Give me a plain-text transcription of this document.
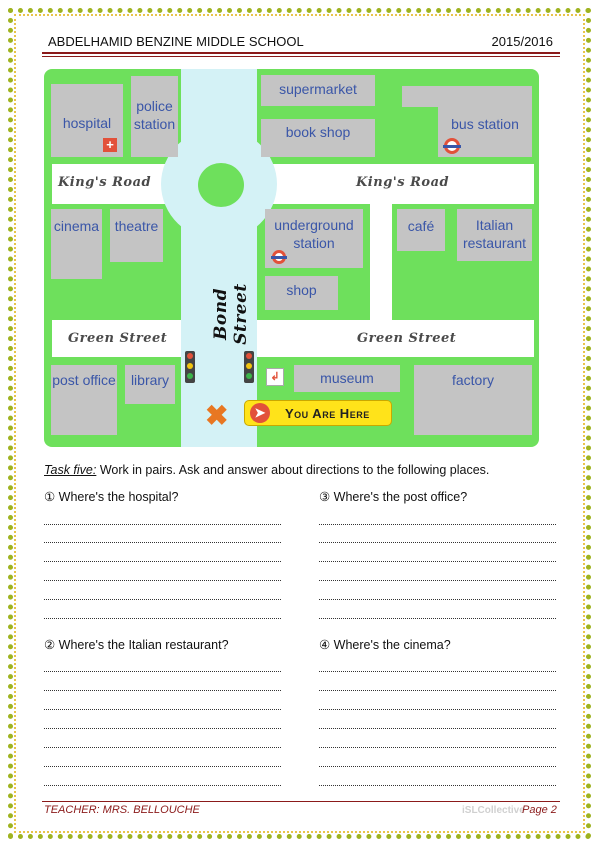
ABDELHAMID BENZINE MIDDLE SCHOOL	2015/2016
King's Road	King's Road
Green Street	Green Street
Bond Street
hospital
+
police station
supermarket
book shop	bus station
cinema	theatre	underground station
shop
café	Italian restaurant
post office	library	↲	museum	factory
✖	➤	You Are Here
Task five: Work in pairs. Ask and answer about directions to the following places.
① Where's the hospital?	③ Where's the post office?
② Where's the Italian restaurant?	④ Where's the cinema?
TEACHER: MRS. BELLOUCHE	iSLCollective
Page 2
